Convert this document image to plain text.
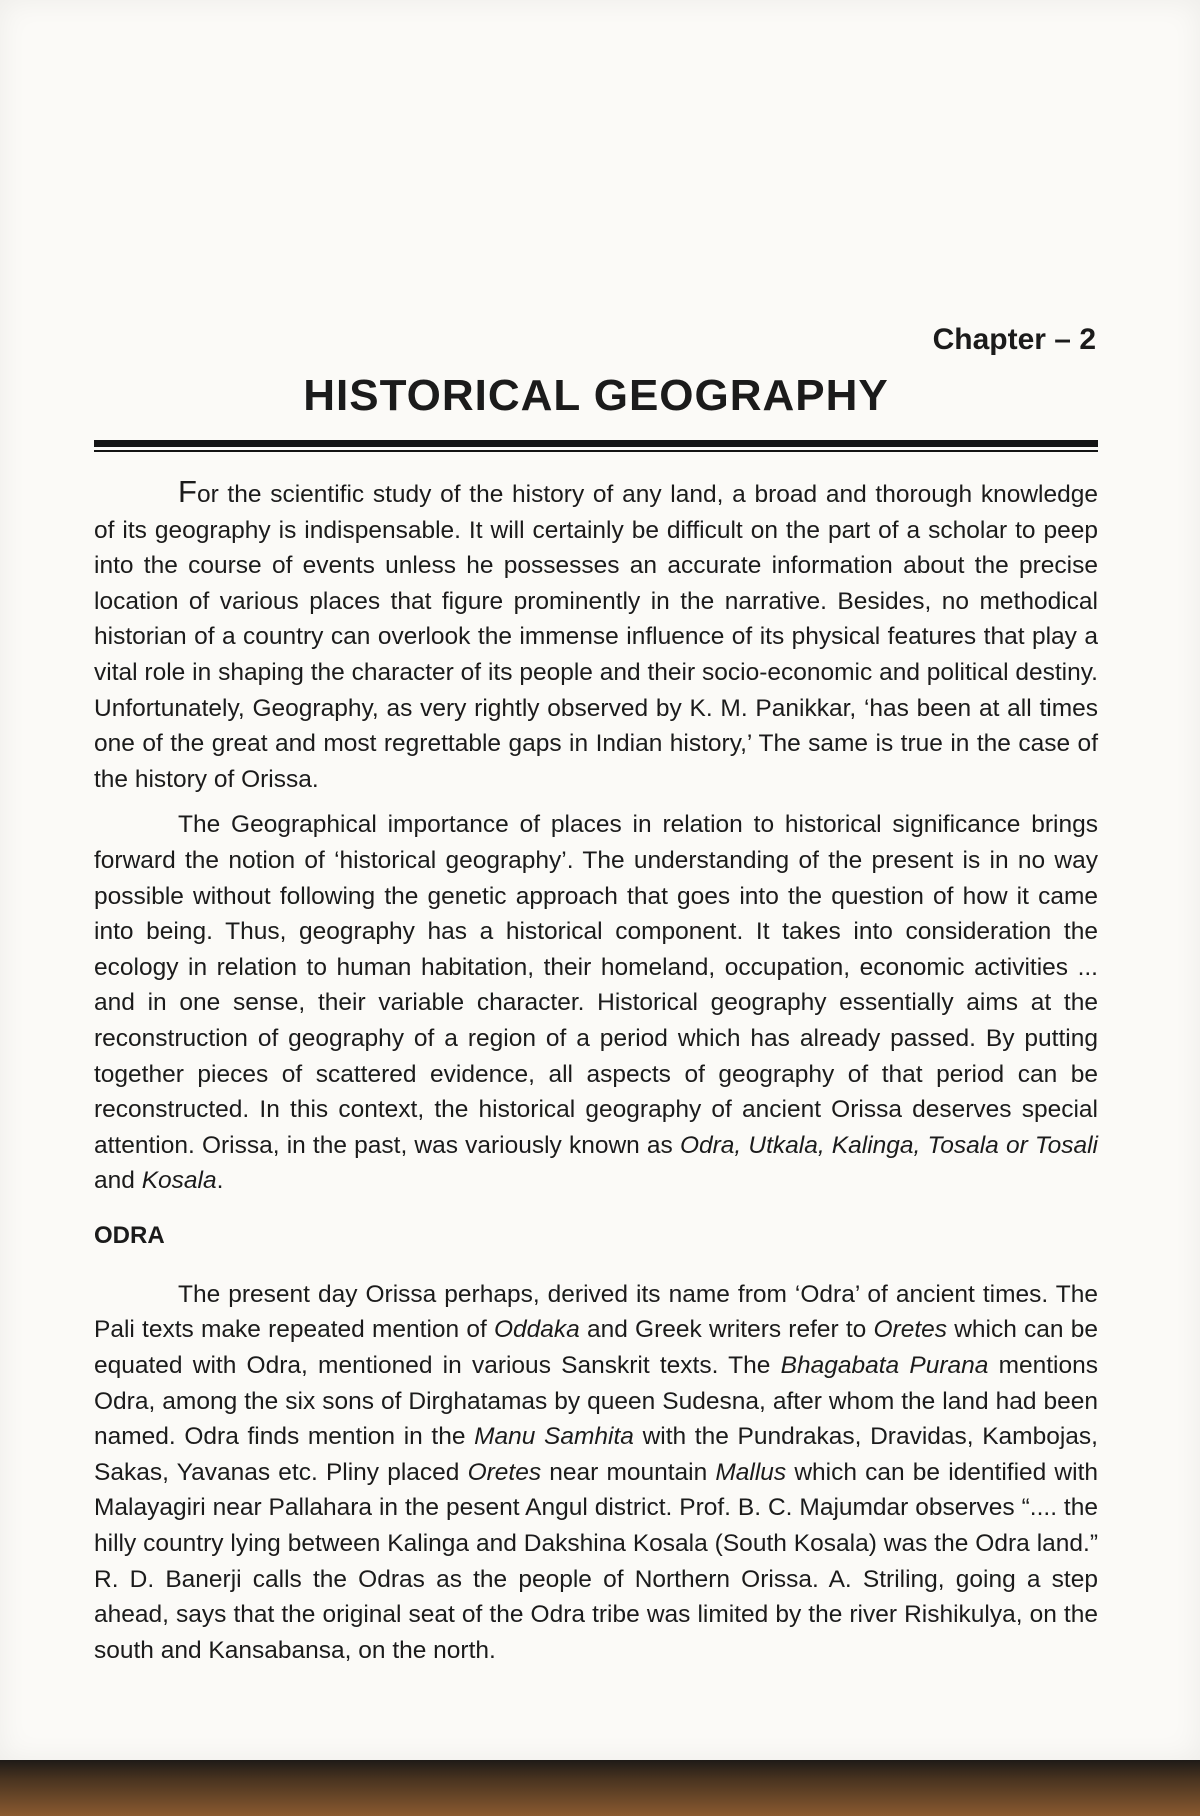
Chapter – 2

HISTORICAL GEOGRAPHY

For the scientific study of the history of any land, a broad and thorough knowledge of its geography is indispensable. It will certainly be difficult on the part of a scholar to peep into the course of events unless he possesses an accurate information about the precise location of various places that figure prominently in the narrative. Besides, no methodical historian of a country can overlook the immense influence of its physical features that play a vital role in shaping the character of its people and their socio-economic and political destiny. Unfortunately, Geography, as very rightly observed by K. M. Panikkar, ‘has been at all times one of the great and most regrettable gaps in Indian history,’ The same is true in the case of the history of Orissa.

The Geographical importance of places in relation to historical significance brings forward the notion of ‘historical geography’. The understanding of the present is in no way possible without following the genetic approach that goes into the question of how it came into being. Thus, geography has a historical component. It takes into consideration the ecology in relation to human habitation, their homeland, occupation, economic activities ... and in one sense, their variable character. Historical geography essentially aims at the reconstruction of geography of a region of a period which has already passed. By putting together pieces of scattered evidence, all aspects of geography of that period can be reconstructed. In this context, the historical geography of ancient Orissa deserves special attention. Orissa, in the past, was variously known as Odra, Utkala, Kalinga, Tosala or Tosali and Kosala.

ODRA

The present day Orissa perhaps, derived its name from ‘Odra’ of ancient times. The Pali texts make repeated mention of Oddaka and Greek writers refer to Oretes which can be equated with Odra, mentioned in various Sanskrit texts. The Bhagabata Purana mentions Odra, among the six sons of Dirghatamas by queen Sudesna, after whom the land had been named. Odra finds mention in the Manu Samhita with the Pundrakas, Dravidas, Kambojas, Sakas, Yavanas etc. Pliny placed Oretes near mountain Mallus which can be identified with Malayagiri near Pallahara in the pesent Angul district. Prof. B. C. Majumdar observes “.... the hilly country lying between Kalinga and Dakshina Kosala (South Kosala) was the Odra land.” R. D. Banerji calls the Odras as the people of Northern Orissa. A. Striling, going a step ahead, says that the original seat of the Odra tribe was limited by the river Rishikulya, on the south and Kansabansa, on the north.
